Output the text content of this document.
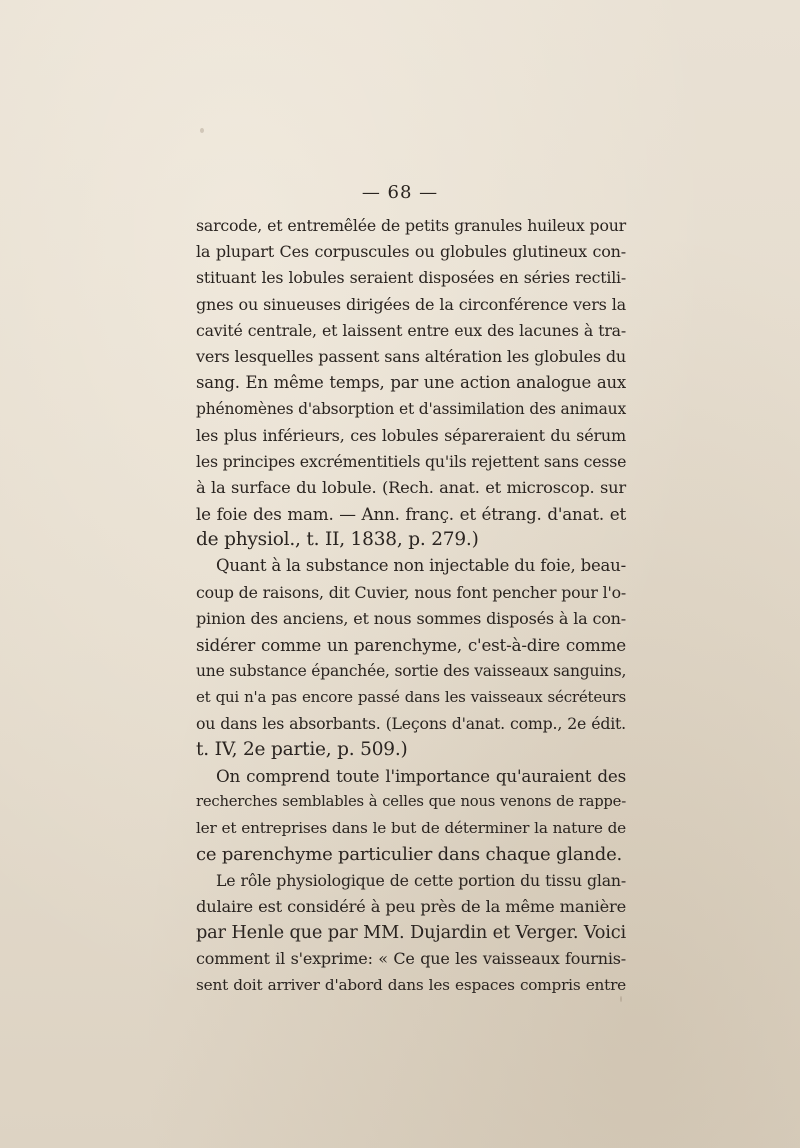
— 68 —
sarcode, et entremêlée de petits granules huileux pour
la plupart Ces corpuscules ou globules glutineux con-
stituant les lobules seraient disposées en séries rectili-
gnes ou sinueuses dirigées de la circonférence vers la
cavité centrale, et laissent entre eux des lacunes à tra-
vers lesquelles passent sans altération les globules du
sang. En même temps, par une action analogue aux
phénomènes d'absorption et d'assimilation des animaux
les plus inférieurs, ces lobules sépareraient du sérum
les principes excrémentitiels qu'ils rejettent sans cesse
à la surface du lobule. (Rech. anat. et microscop. sur
le foie des mam. — Ann. franç. et étrang. d'anat. et
de physiol., t. II, 1838, p. 279.)
Quant à la substance non injectable du foie, beau-
coup de raisons, dit Cuvier, nous font pencher pour l'o-
pinion des anciens, et nous sommes disposés à la con-
sidérer comme un parenchyme, c'est-à-dire comme
une substance épanchée, sortie des vaisseaux sanguins,
et qui n'a pas encore passé dans les vaisseaux sécréteurs
ou dans les absorbants. (Leçons d'anat. comp., 2e édit.
t. IV, 2e partie, p. 509.)
On comprend toute l'importance qu'auraient des
recherches semblables à celles que nous venons de rappe-
ler et entreprises dans le but de déterminer la nature de
ce parenchyme particulier dans chaque glande.
Le rôle physiologique de cette portion du tissu glan-
dulaire est considéré à peu près de la même manière
par Henle que par MM. Dujardin et Verger. Voici
comment il s'exprime: « Ce que les vaisseaux fournis-
sent doit arriver d'abord dans les espaces compris entre
